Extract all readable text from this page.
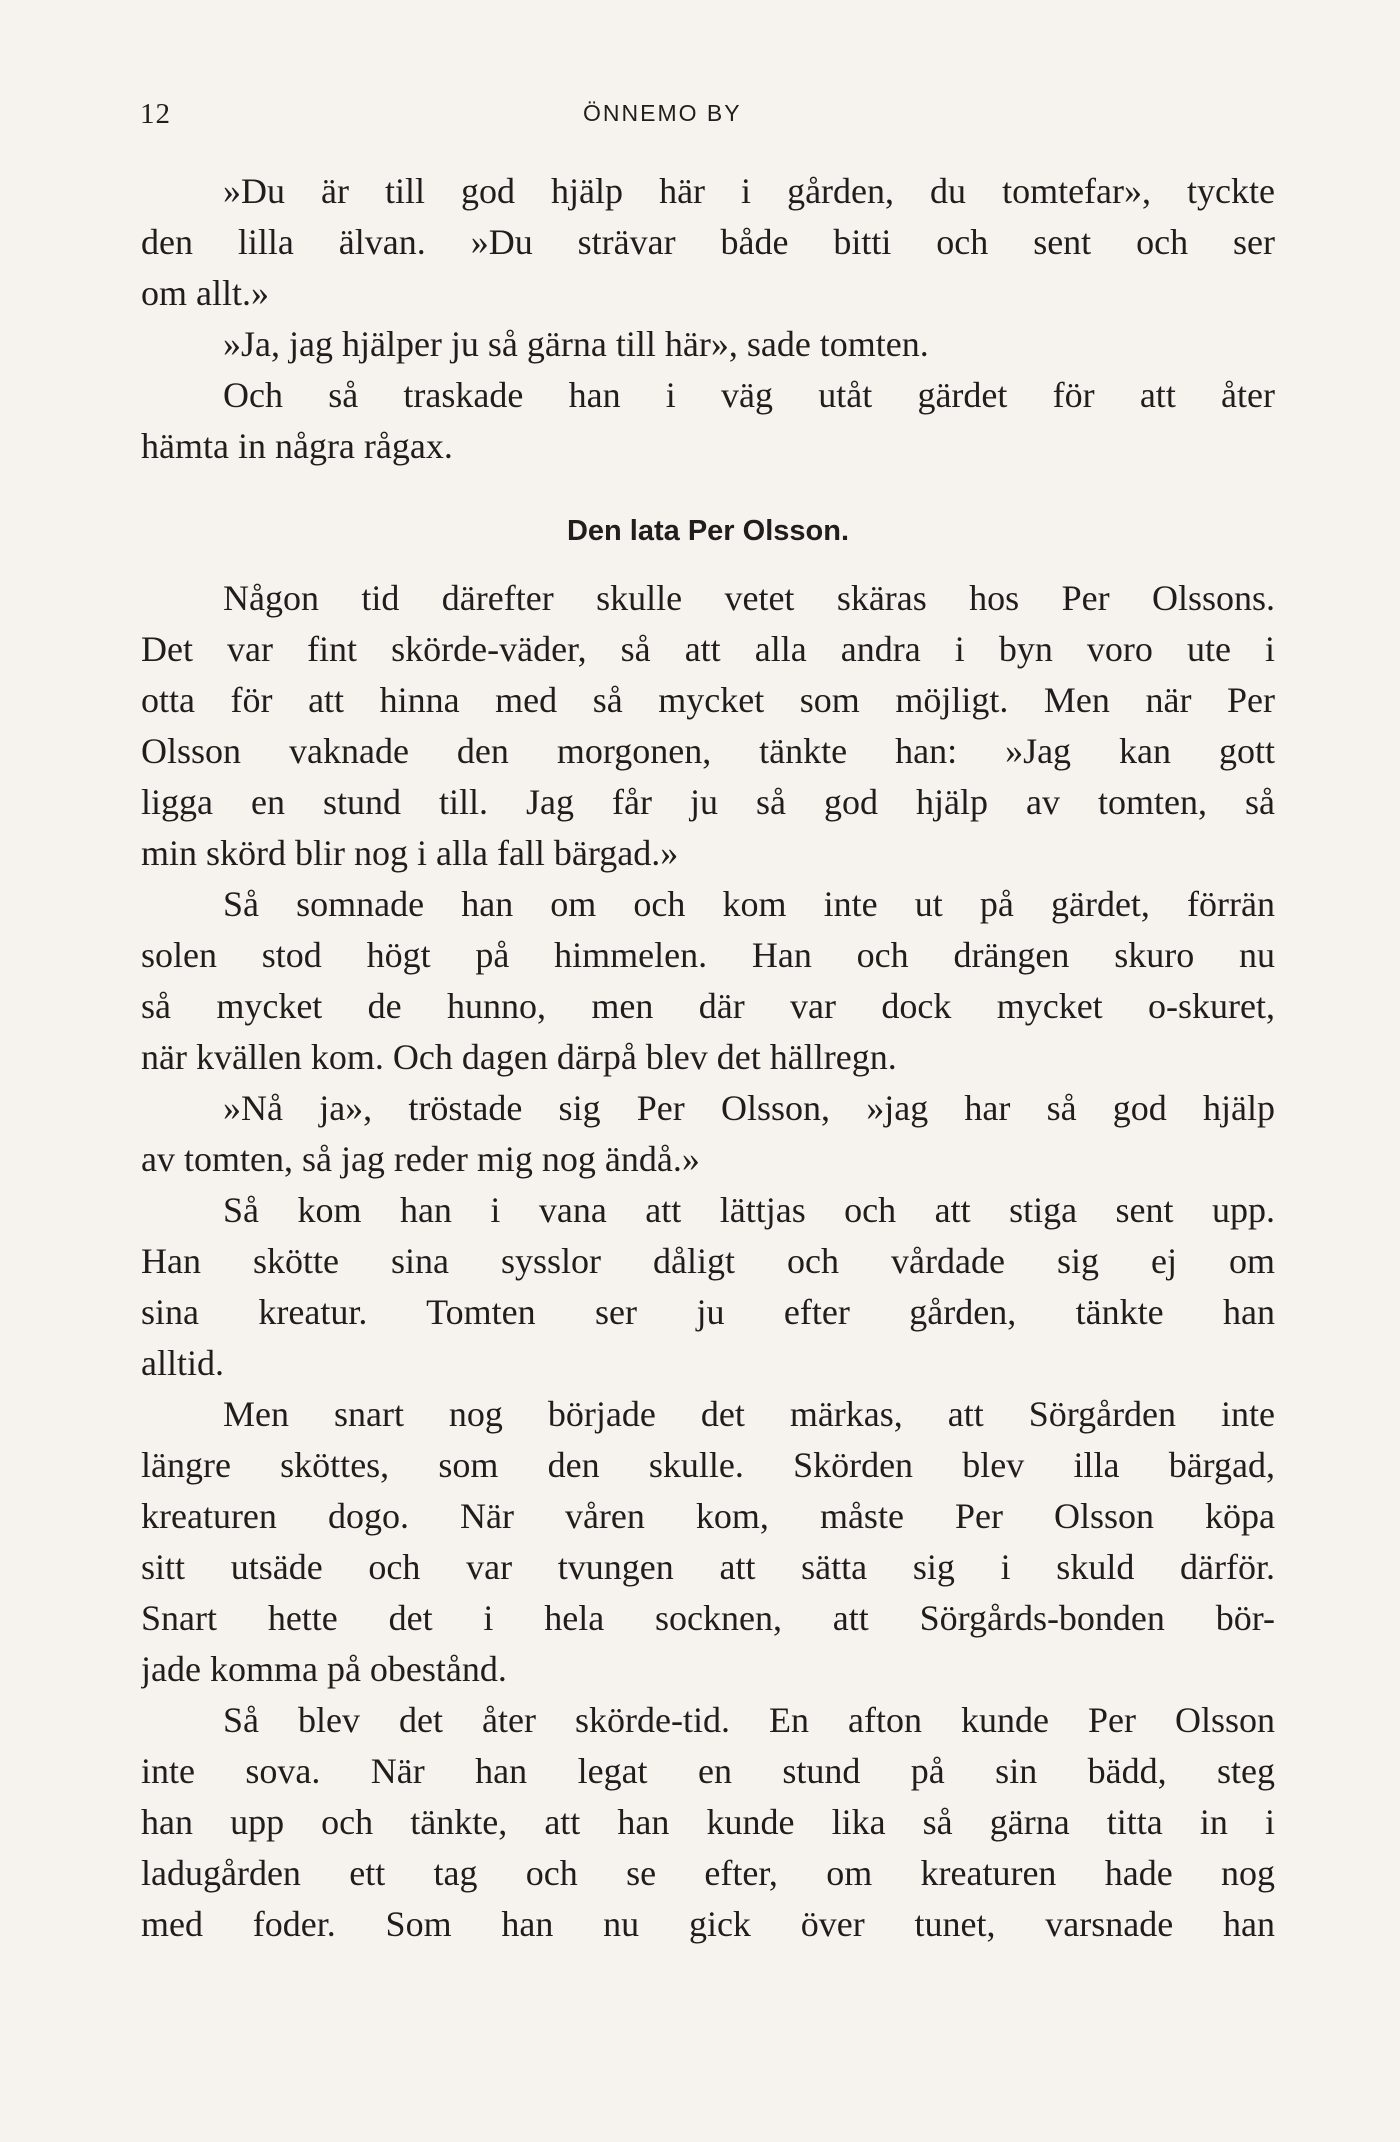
12	ÖNNEMO BY
»Du är till god hjälp här i gården, du tomtefar», tyckte
den lilla älvan. »Du strävar både bitti och sent och ser
om allt.»
»Ja, jag hjälper ju så gärna till här», sade tomten.
Och så traskade han i väg utåt gärdet för att åter
hämta in några rågax.
Den lata Per Olsson.
Någon tid därefter skulle vetet skäras hos Per Olssons.
Det var fint skörde-väder, så att alla andra i byn voro ute i
otta för att hinna med så mycket som möjligt. Men när Per
Olsson vaknade den morgonen, tänkte han: »Jag kan gott
ligga en stund till. Jag får ju så god hjälp av tomten, så
min skörd blir nog i alla fall bärgad.»
Så somnade han om och kom inte ut på gärdet, förrän
solen stod högt på himmelen. Han och drängen skuro nu
så mycket de hunno, men där var dock mycket o-skuret,
när kvällen kom. Och dagen därpå blev det hällregn.
»Nå ja», tröstade sig Per Olsson, »jag har så god hjälp
av tomten, så jag reder mig nog ändå.»
Så kom han i vana att lättjas och att stiga sent upp.
Han skötte sina sysslor dåligt och vårdade sig ej om
sina kreatur. Tomten ser ju efter gården, tänkte han
alltid.
Men snart nog började det märkas, att Sörgården inte
längre sköttes, som den skulle. Skörden blev illa bärgad,
kreaturen dogo. När våren kom, måste Per Olsson köpa
sitt utsäde och var tvungen att sätta sig i skuld därför.
Snart hette det i hela socknen, att Sörgårds-bonden bör-
jade komma på obestånd.
Så blev det åter skörde-tid. En afton kunde Per Olsson
inte sova. När han legat en stund på sin bädd, steg
han upp och tänkte, att han kunde lika så gärna titta in i
ladugården ett tag och se efter, om kreaturen hade nog
med foder. Som han nu gick över tunet, varsnade han
